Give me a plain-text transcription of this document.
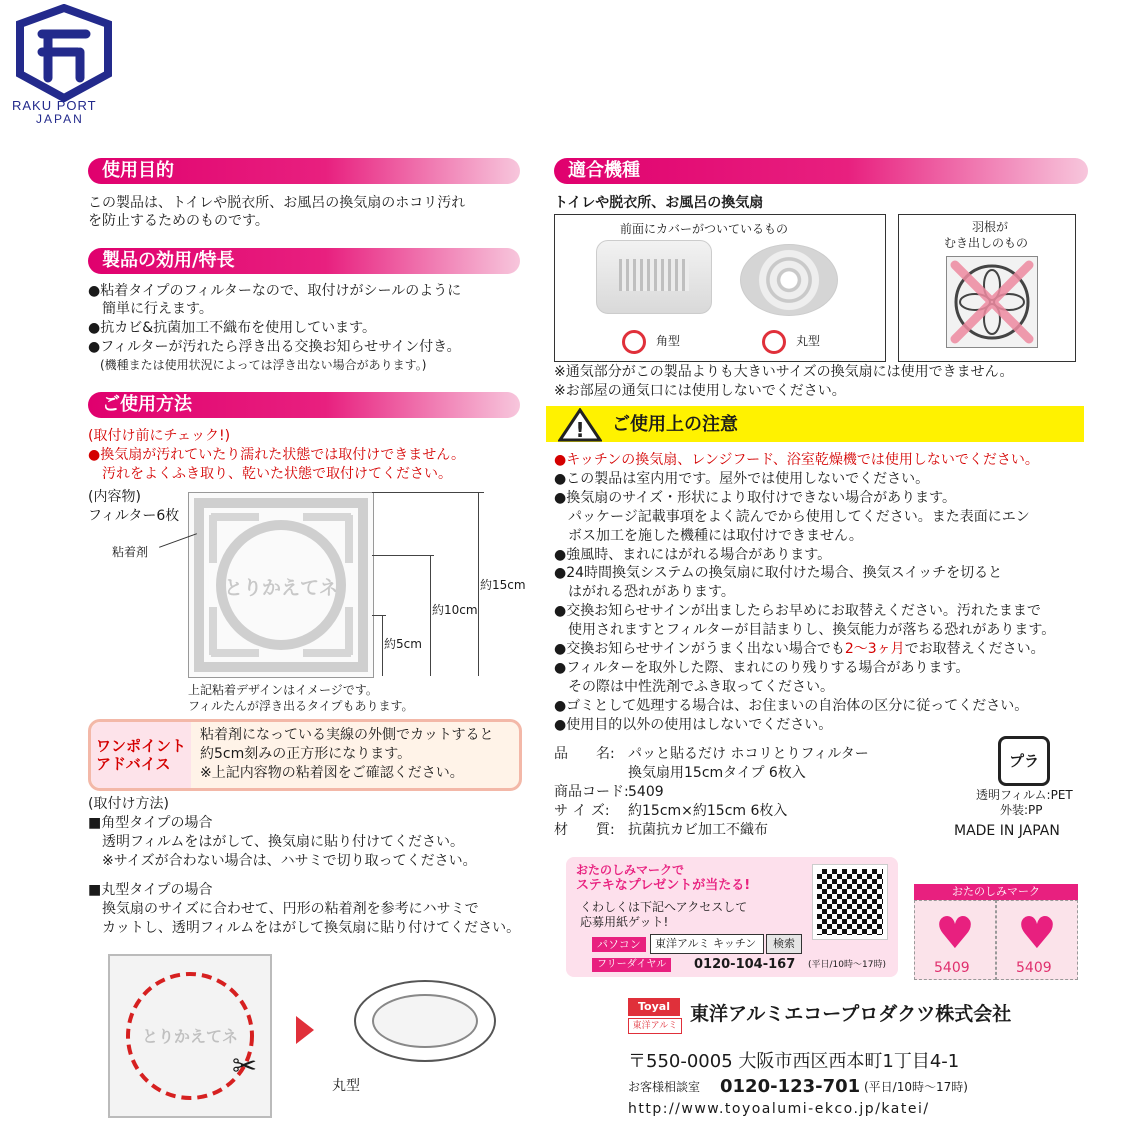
RAKU PORT
JAPAN
使用目的
この製品は、トイレや脱衣所、お風呂の換気扇のホコリ汚れ
を防止するためのものです。
製品の効用/特長
●粘着タイプのフィルターなので、取付けがシールのように
　簡単に行えます。
●抗カビ&抗菌加工不織布を使用しています。
●フィルターが汚れたら浮き出る交換お知らせサイン付き。
　(機種または使用状況によっては浮き出ない場合があります。)
ご使用方法
(取付け前にチェック!)
●換気扇が汚れていたり濡れた状態では取付けできません。
　汚れをよくふき取り、乾いた状態で取付けてください。
(内容物)
フィルター6枚
粘着剤
とりかえてネ	約15cm
約10cm
約5cm
上記粘着デザインはイメージです。
フィルたんが浮き出るタイプもあります。
ワンポイント
アドバイス
粘着剤になっている実線の外側でカットすると
約5cm刻みの正方形になります。
※上記内容物の粘着図をご確認ください。
(取付け方法)
■角型タイプの場合
　透明フィルムをはがして、換気扇に貼り付けてください。
　※サイズが合わない場合は、ハサミで切り取ってください。
■丸型タイプの場合
　換気扇のサイズに合わせて、円形の粘着剤を参考にハサミで
　カットし、透明フィルムをはがして換気扇に貼り付けてください。
とりかえてネ
✂
丸型
適合機種
トイレや脱衣所、お風呂の換気扇
前面にカバーがついているもの
角型	丸型
羽根が
むき出しのもの
※通気部分がこの製品よりも大きいサイズの換気扇には使用できません。
※お部屋の通気口には使用しないでください。
! ご使用上の注意
●キッチンの換気扇、レンジフード、浴室乾燥機では使用しないでください。
●この製品は室内用です。屋外では使用しないでください。
●換気扇のサイズ・形状により取付けできない場合があります。
　パッケージ記載事項をよく読んでから使用してください。また表面にエン
　ボス加工を施した機種には取付けできません。
●強風時、まれにはがれる場合があります。
●24時間換気システムの換気扇に取付けた場合、換気スイッチを切ると
　はがれる恐れがあります。
●交換お知らせサインが出ましたらお早めにお取替えください。汚れたままで
　使用されますとフィルターが目詰まりし、換気能力が落ちる恐れがあります。
●交換お知らせサインがうまく出ない場合でも2〜3ヶ月でお取替えください。
●フィルターを取外した際、まれにのり残りする場合があります。
　その際は中性洗剤でふき取ってください。
●ゴミとして処理する場合は、お住まいの自治体の区分に従ってください。
●使用目的以外の使用はしないでください。
品　　名: パッと貼るだけ ホコリとりフィルター
換気扇用15cmタイプ 6枚入
商品コード: 5409
サ イ ズ: 約15cm×約15cm 6枚入
材　　質: 抗菌抗カビ加工不織布
プラ
透明フィルム:PET
外装:PP
MADE IN JAPAN
おたのしみマークで
ステキなプレゼントが当たる!
くわしくは下記へアクセスして
応募用紙ゲット!
パソコン	東洋アルミ キッチン	検索
フリーダイヤル	0120-104-167 (平日/10時〜17時)
おたのしみマーク
♥ ♥
5409	5409
Toyal
東洋アルミ
東洋アルミエコープロダクツ株式会社
〒550-0005 大阪市西区西本町1丁目4-1
お客様相談室 0120-123-701 (平日/10時〜17時)
http://www.toyoalumi-ekco.jp/katei/
